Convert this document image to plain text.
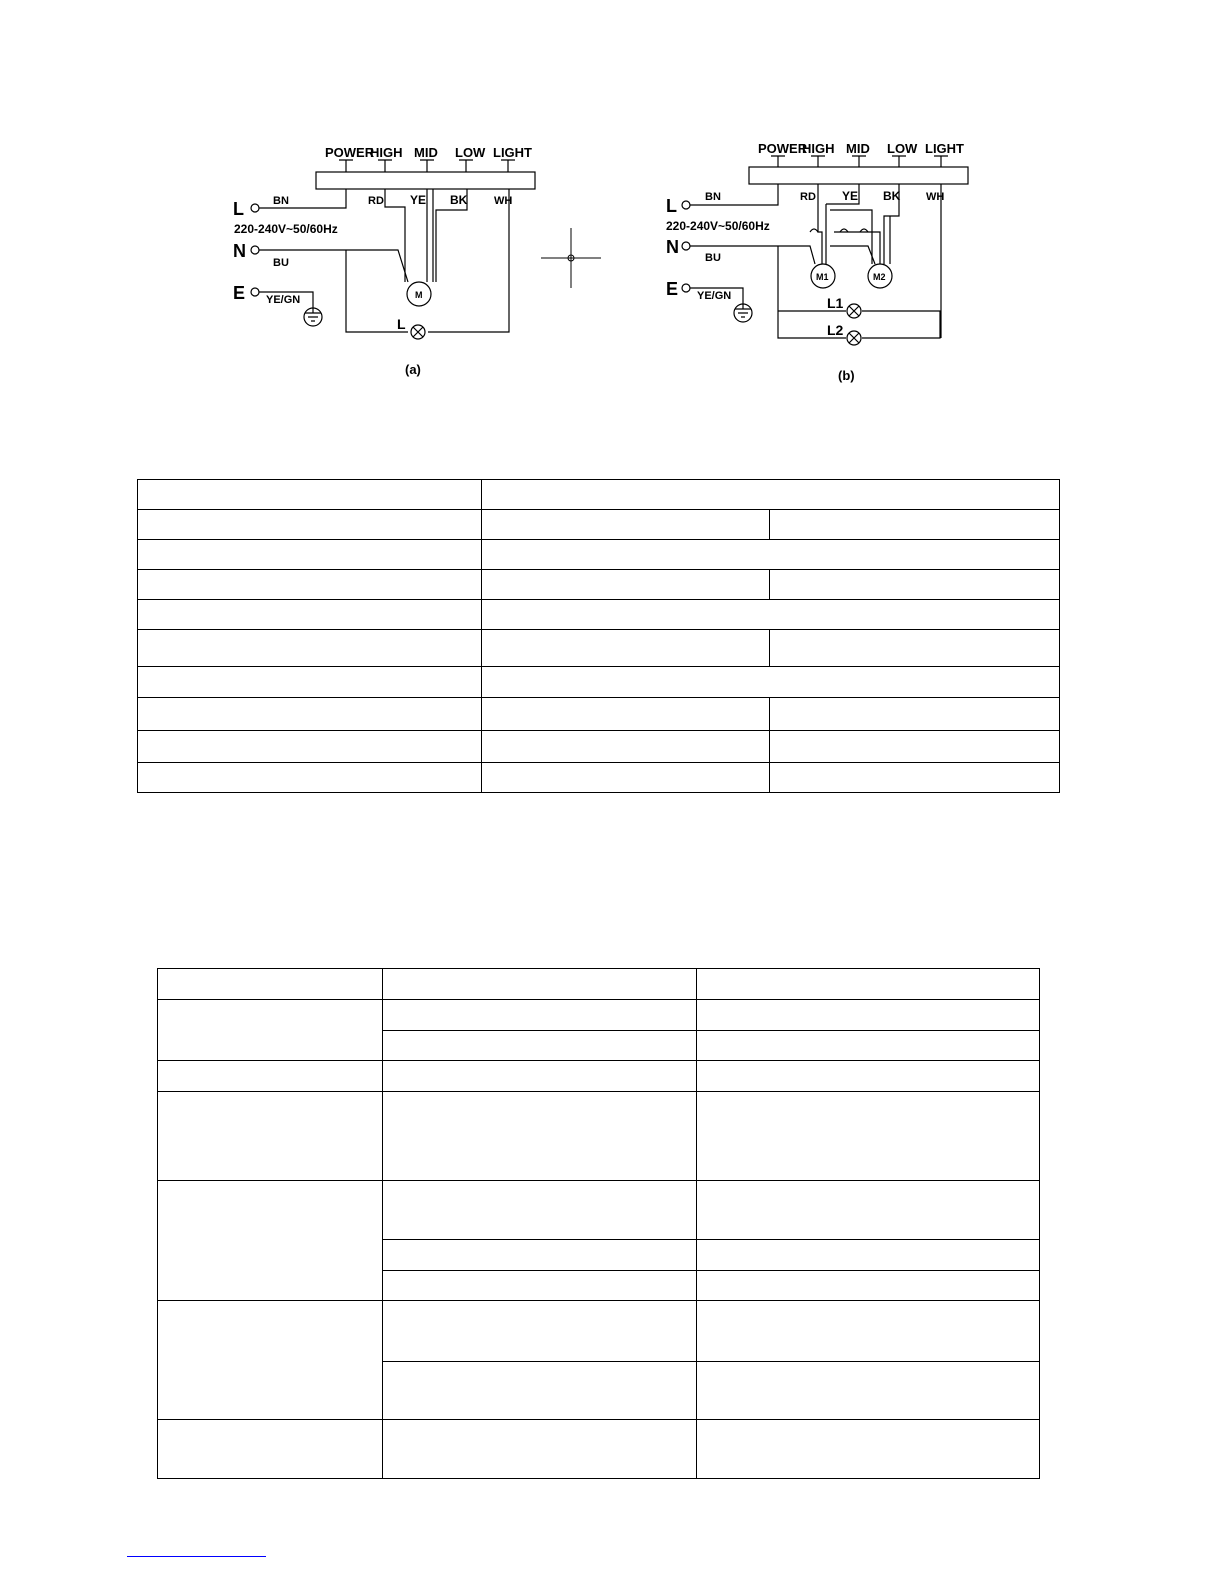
POWER
HIGH MID LOW LIGHT
BN	RD YE BK WH
BU
YE/GN
L
N
E
220-240V~50/60Hz
M
L
(a)
POWER
HIGH MID LOW LIGHT
BN	RD YE BK WH
BU
YE/GN
L
N
E
220-240V~50/60Hz
M1	M2
L1
L2
(b)
